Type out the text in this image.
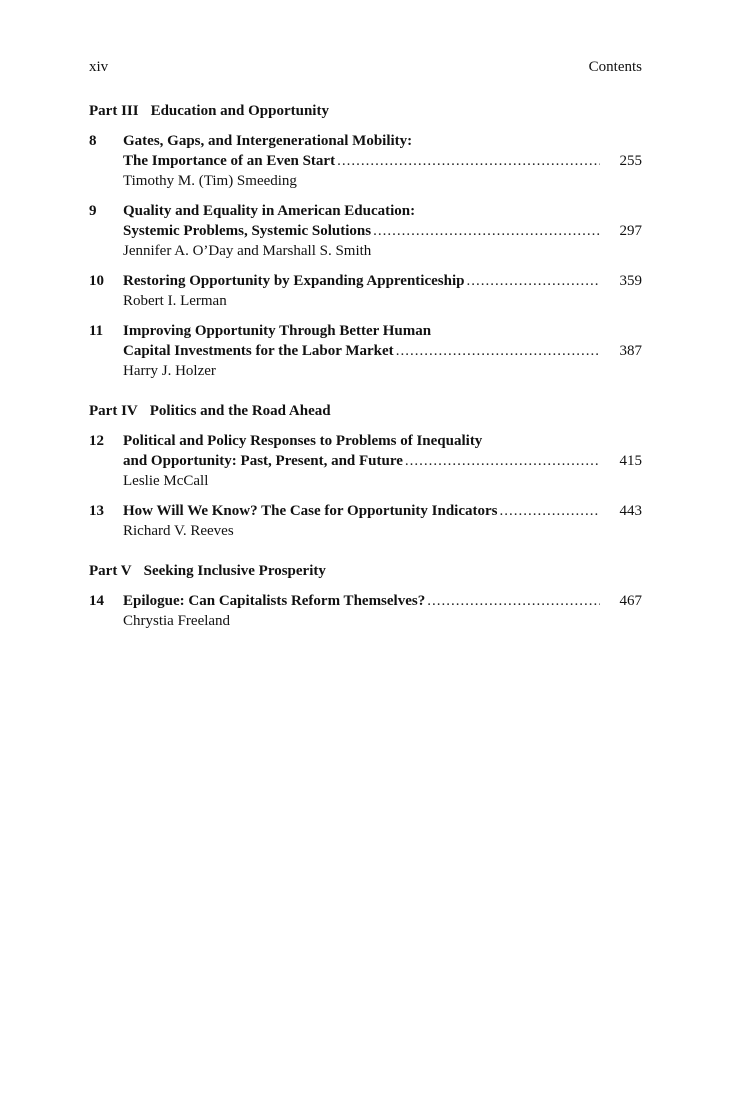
xiv	Contents
Part III Education and Opportunity
8 Gates, Gaps, and Intergenerational Mobility:
The Importance of an Even Start .....	255
Timothy M. (Tim) Smeeding
9 Quality and Equality in American Education:
Systemic Problems, Systemic Solutions .....	297
Jennifer A. O’Day and Marshall S. Smith
10 Restoring Opportunity by Expanding Apprenticeship .....	359
Robert I. Lerman
11 Improving Opportunity Through Better Human
Capital Investments for the Labor Market .....	387
Harry J. Holzer
Part IV Politics and the Road Ahead
12 Political and Policy Responses to Problems of Inequality
and Opportunity: Past, Present, and Future .....	415
Leslie McCall
13 How Will We Know? The Case for Opportunity Indicators .....	443
Richard V. Reeves
Part V Seeking Inclusive Prosperity
14 Epilogue: Can Capitalists Reform Themselves? .....	467
Chrystia Freeland
